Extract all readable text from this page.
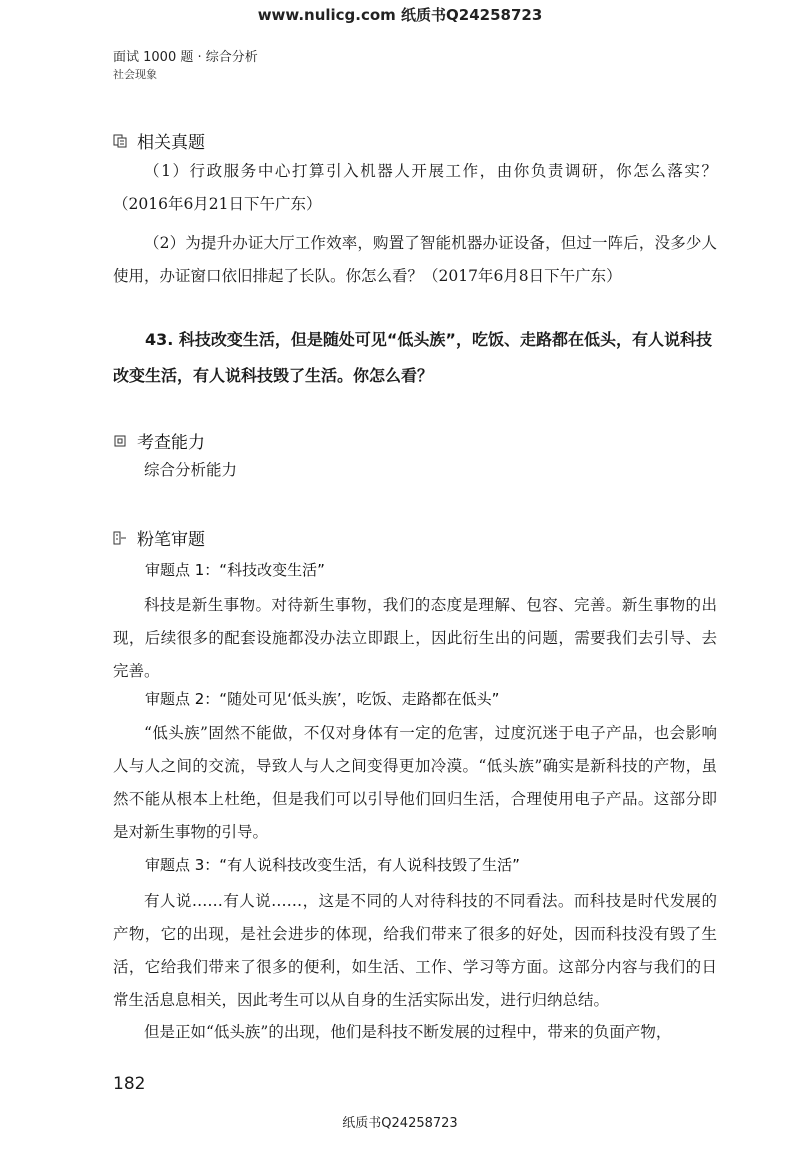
www.nulicg.com 纸质书Q24258723
面试 1000 题 · 综合分析
社会现象
相关真题

（1）行政服务中心打算引入机器人开展工作，由你负责调研，你怎么落实？（2016年6月21日下午广东）

（2）为提升办证大厅工作效率，购置了智能机器办证设备，但过一阵后，没多少人使用，办证窗口依旧排起了长队。你怎么看？（2017年6月8日下午广东）

43. 科技改变生活，但是随处可见“低头族”，吃饭、走路都在低头，有人说科技改变生活，有人说科技毁了生活。你怎么看？

考查能力

综合分析能力

粉笔审题
审题点 1：“科技改变生活”

科技是新生事物。对待新生事物，我们的态度是理解、包容、完善。新生事物的出现，后续很多的配套设施都没办法立即跟上，因此衍生出的问题，需要我们去引导、去完善。

审题点 2：“随处可见‘低头族’，吃饭、走路都在低头”

“低头族”固然不能做，不仅对身体有一定的危害，过度沉迷于电子产品，也会影响人与人之间的交流，导致人与人之间变得更加冷漠。“低头族”确实是新科技的产物，虽然不能从根本上杜绝，但是我们可以引导他们回归生活，合理使用电子产品。这部分即是对新生事物的引导。

审题点 3：“有人说科技改变生活，有人说科技毁了生活”

有人说……有人说……，这是不同的人对待科技的不同看法。而科技是时代发展的产物，它的出现，是社会进步的体现，给我们带来了很多的好处，因而科技没有毁了生活，它给我们带来了很多的便利，如生活、工作、学习等方面。这部分内容与我们的日常生活息息相关，因此考生可以从自身的生活实际出发，进行归纳总结。

但是正如“低头族”的出现，他们是科技不断发展的过程中，带来的负面产物，

182
纸质书Q24258723
